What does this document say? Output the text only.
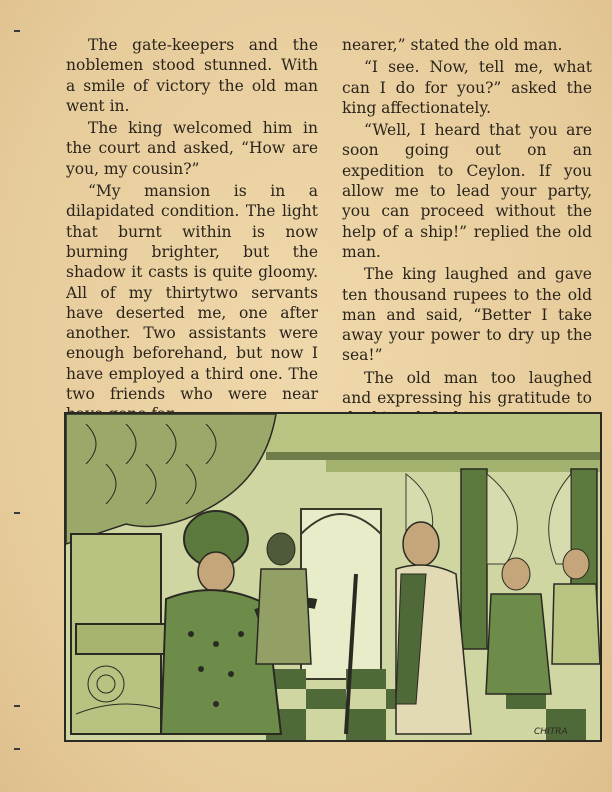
The gate-keepers and the noblemen stood stunned. With a smile of victory the old man went in.

The king welcomed him in the court and asked, “How are you, my cousin?”

“My mansion is in a dilapidated condition. The light that burnt within is now burning brighter, but the shadow it casts is quite gloomy. All of my thirtytwo servants have deserted me, one after another. Two assistants were enough beforehand, but now I have employed a third one. The two friends who were near

nearer,” stated the old man.

“I see. Now, tell me, what can I do for you?” asked the king affectionately.

“Well, I heard that you are soon going out on an expedition to Ceylon. If you allow me to lead your party, you can proceed without the help of a ship!” replied the old man.

The king laughed and gave ten thousand rupees to the old man and said, “Better I take away your power to dry up the sea!”

The old man too laughed and expressing his gratitude to

CHITRA
